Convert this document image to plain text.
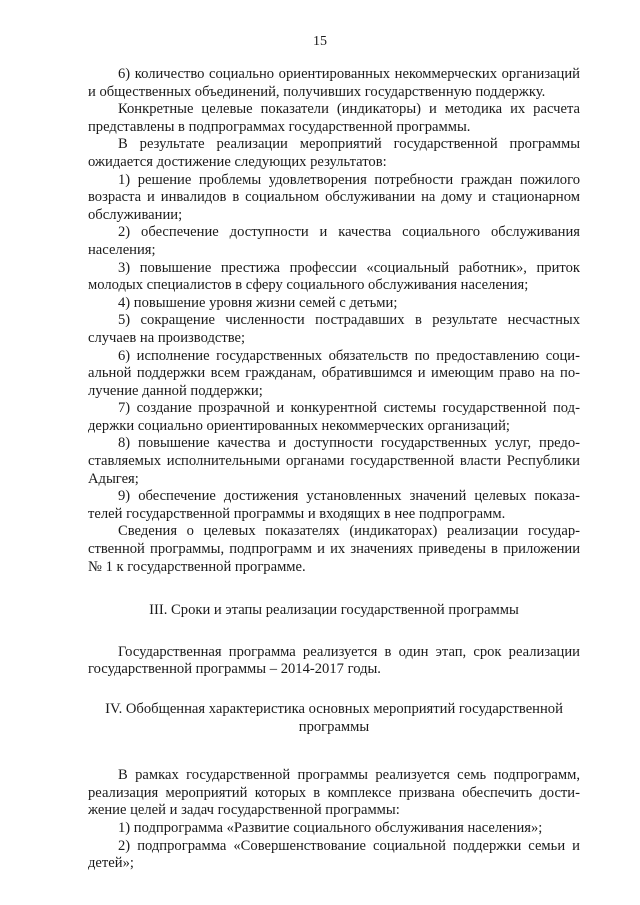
15

6) количество социально ориентированных некоммерческих организаций и общественных объединений, получивших государственную поддержку.

Конкретные целевые показатели (индикаторы) и методика их расчета представлены в подпрограммах государственной программы.

В результате реализации мероприятий государственной программы ожидается достижение следующих результатов:

1) решение проблемы удовлетворения потребности граждан пожилого возраста и инвалидов в социальном обслуживании на дому и стационарном обслуживании;

2) обеспечение доступности и качества социального обслуживания населения;

3) повышение престижа профессии «социальный работник», приток молодых специалистов в сферу социального обслуживания населения;

4) повышение уровня жизни семей с детьми;

5) сокращение численности пострадавших в результате несчастных случаев на производстве;

6) исполнение государственных обязательств по предоставлению социальной поддержки всем гражданам, обратившимся и имеющим право на получение данной поддержки;

7) создание прозрачной и конкурентной системы государственной поддержки социально ориентированных некоммерческих организаций;

8) повышение качества и доступности государственных услуг, предоставляемых исполнительными органами государственной власти Республики Адыгея;

9) обеспечение достижения установленных значений целевых показателей государственной программы и входящих в нее подпрограмм.

Сведения о целевых показателях (индикаторах) реализации государственной программы, подпрограмм и их значениях приведены в приложении № 1 к государственной программе.

III. Сроки и этапы реализации государственной программы

Государственная программа реализуется в один этап, срок реализации государственной программы – 2014-2017 годы.

IV. Обобщенная характеристика основных мероприятий государственной программы

В рамках государственной программы реализуется семь подпрограмм, реализация мероприятий которых в комплексе призвана обеспечить достижение целей и задач государственной программы:

1) подпрограмма «Развитие социального обслуживания населения»;

2) подпрограмма «Совершенствование социальной поддержки семьи и детей»;
